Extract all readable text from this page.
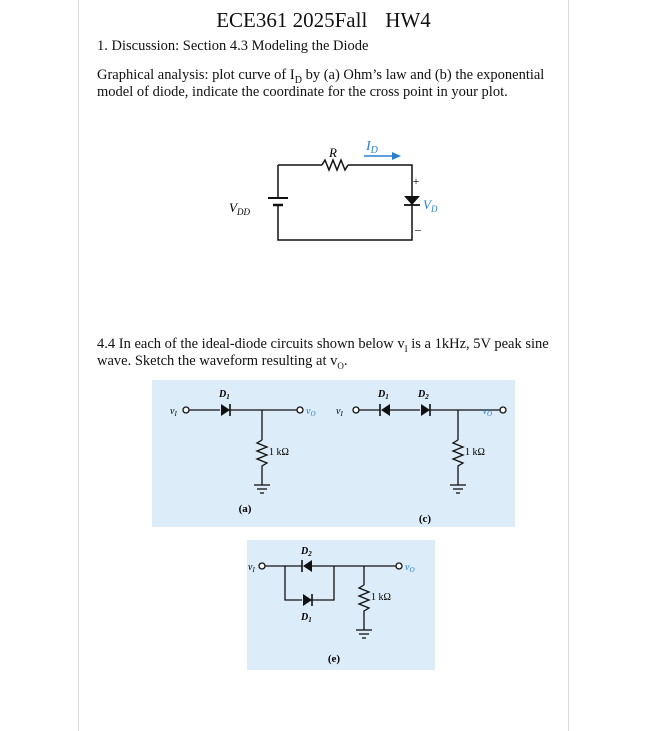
ECE361 2025Fall HW4
1. Discussion: Section 4.3 Modeling the Diode
Graphical analysis: plot curve of $I_D$ by (a) Ohm’s law and (b) the exponential
model of diode, indicate the coordinate for the cross point in your plot.
R $I_D$
+
$V_D$
–
$V_{DD}$
4.4 In each of the ideal-diode circuits shown below $v_I$ is a 1kHz, 5V peak sine
wave. Sketch the waveform resulting at $v_O$.
$v_I$
$D_1$
$v_O$
1 kΩ
(a)
$v_I$
$D_1$	$D_2$
$v_O$
1 kΩ
(c)
$v_I$
$D_2$
$D_1$
$v_O$
1 kΩ
(e)
